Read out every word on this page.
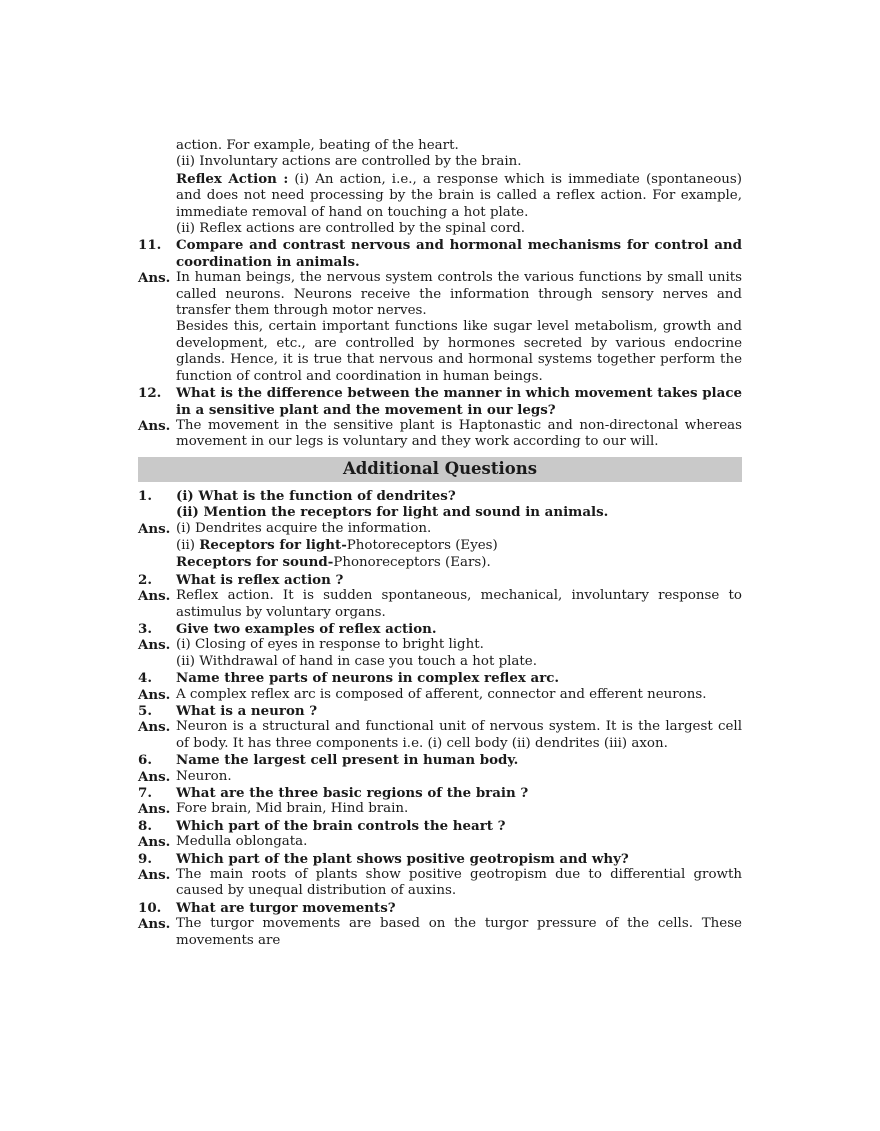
action. For example, beating of the heart.

(ii) Involuntary actions are controlled by the brain.

Reflex Action : (i) An action, i.e., a response which is immediate (spontaneous) and does not need processing by the brain is called a reflex action. For example, immediate removal of hand on touching a hot plate.

(ii) Reflex actions are controlled by the spinal cord.

11.	Compare and contrast nervous and hormonal mechanisms for control and coordination in animals.
Ans. In human beings, the nervous system controls the various functions by small units called neurons. Neurons receive the information through sensory nerves and transfer them through motor nerves.

Besides this, certain important functions like sugar level metabolism, growth and development, etc., are controlled by hormones secreted by various endocrine glands. Hence, it is true that nervous and hormonal systems together perform the function of control and coordination in human beings.

12.	What is the difference between the manner in which movement takes place in a sensitive plant and the movement in our legs?
Ans. The movement in the sensitive plant is Haptonastic and non-directonal whereas movement in our legs is voluntary and they work according to our will.
Additional Questions
1.	(i) What is the function of dendrites?

(ii) Mention the receptors for light and sound in animals.

Ans. (i) Dendrites acquire the information.

(ii) Receptors for light-Photoreceptors (Eyes)

Receptors for sound-Phonoreceptors (Ears).

2.	What is reflex action ?
Ans. Reflex action. It is sudden spontaneous, mechanical, involuntary response to astimulus by voluntary organs.
3.	Give two examples of reflex action.
Ans. (i) Closing of eyes in response to bright light.

(ii) Withdrawal of hand in case you touch a hot plate.

4.	Name three parts of neurons in complex reflex arc.
Ans. A complex reflex arc is composed of afferent, connector and efferent neurons.
5.	What is a neuron ?
Ans. Neuron is a structural and functional unit of nervous system. It is the largest cell of body. It has three components i.e. (i) cell body (ii) dendrites (iii) axon.
6.	Name the largest cell present in human body.
Ans. Neuron.
7.	What are the three basic regions of the brain ?
Ans. Fore brain, Mid brain, Hind brain.
8.	Which part of the brain controls the heart ?
Ans. Medulla oblongata.
9.	Which part of the plant shows positive geotropism and why?
Ans. The main roots of plants show positive geotropism due to differential growth caused by unequal distribution of auxins.
10.	What are turgor movements?
Ans. The turgor movements are based on the turgor pressure of the cells. These movements are
